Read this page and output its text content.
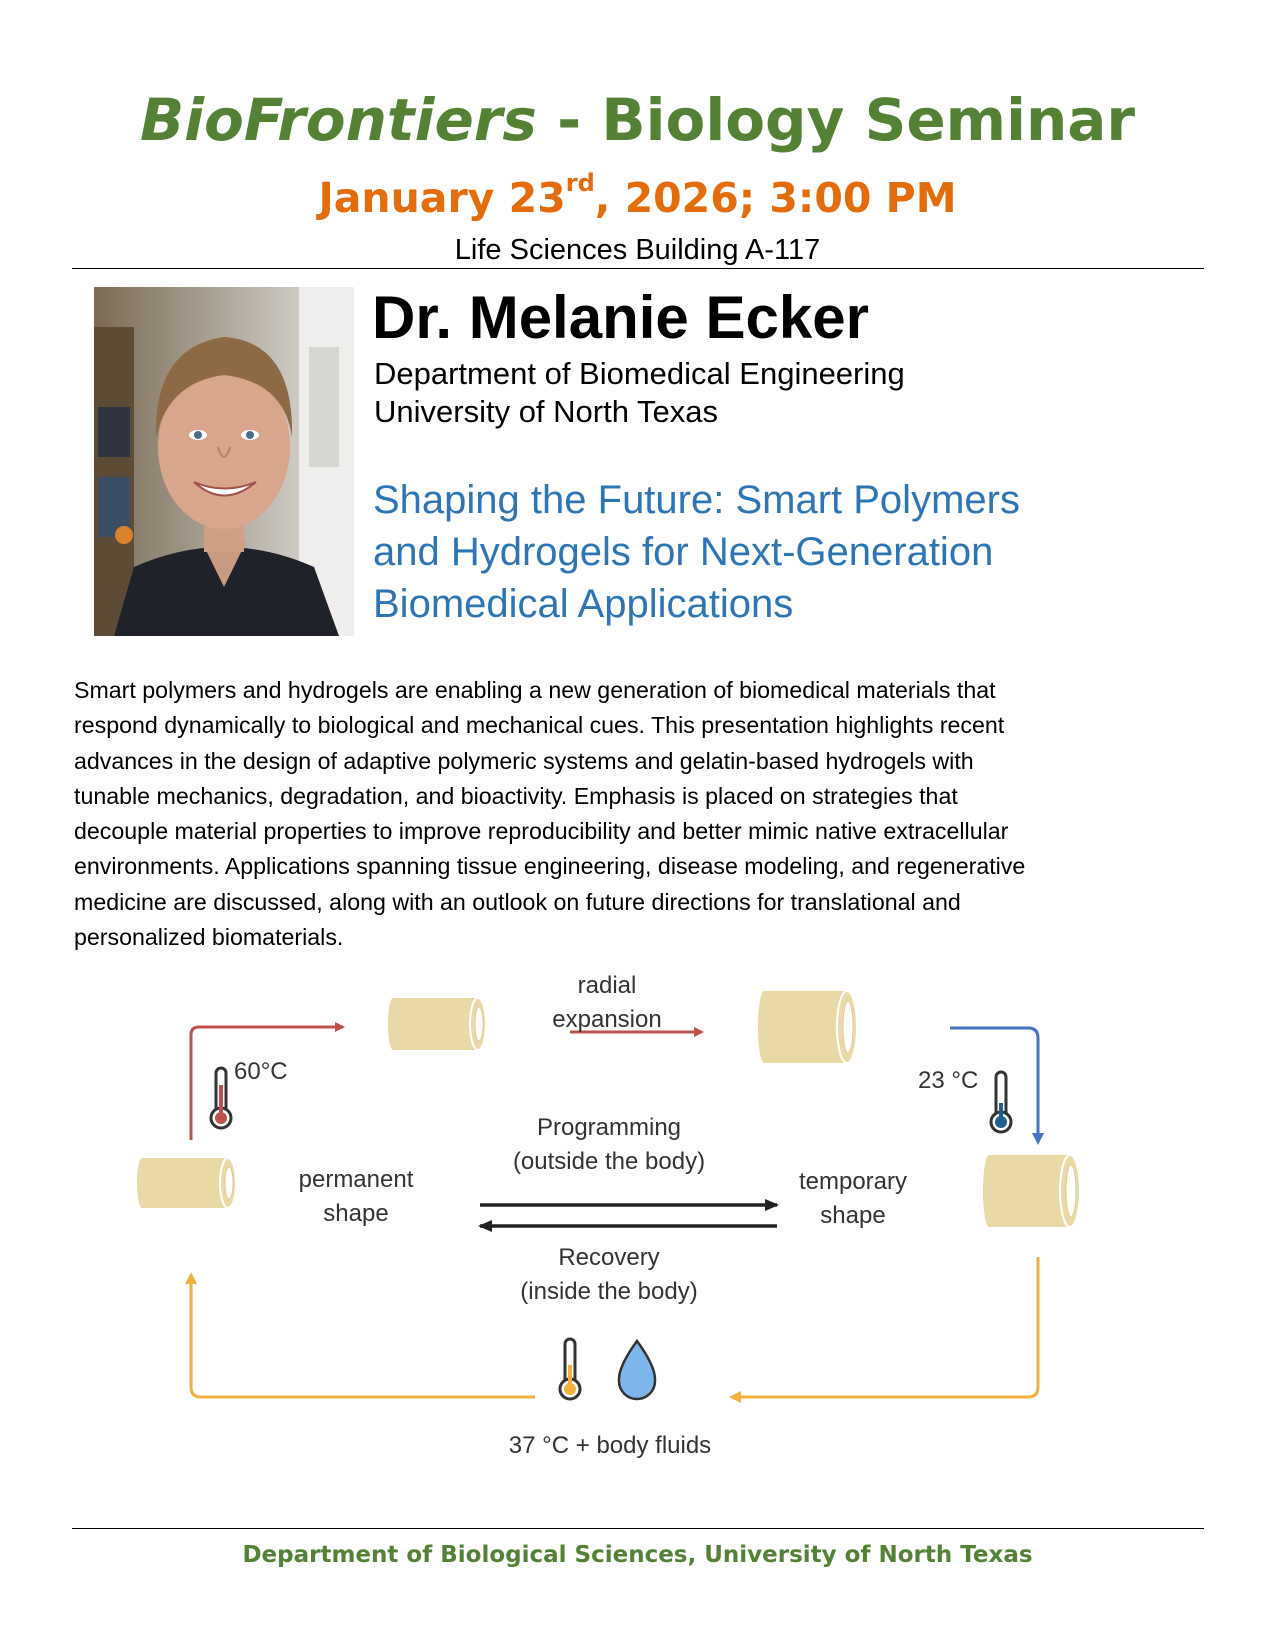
BioFrontiers - Biology Seminar
January 23rd, 2026; 3:00 PM
Life Sciences Building A-117
Dr. Melanie Ecker
Department of Biomedical Engineering
University of North Texas
Shaping the Future: Smart Polymers
and Hydrogels for Next-Generation
Biomedical Applications
Smart polymers and hydrogels are enabling a new generation of biomedical materials that
respond dynamically to biological and mechanical cues. This presentation highlights recent
advances in the design of adaptive polymeric systems and gelatin-based hydrogels with
tunable mechanics, degradation, and bioactivity. Emphasis is placed on strategies that
decouple material properties to improve reproducibility and better mimic native extracellular
environments. Applications spanning tissue engineering, disease modeling, and regenerative
medicine are discussed, along with an outlook on future directions for translational and
personalized biomaterials.
radial
expansion
60°C	23 °C
Programming
(outside the body)
Recovery
(inside the body)
permanent
shape
temporary
shape
37 °C + body fluids
Department of Biological Sciences, University of North Texas
